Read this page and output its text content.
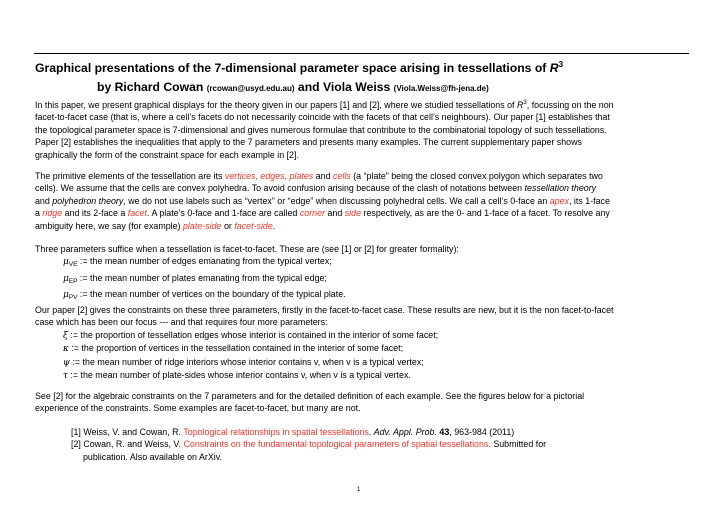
Graphical presentations of the 7-dimensional parameter space arising in tessellations of $R^3$
by Richard Cowan (rcowan@usyd.edu.au) and Viola Weiss (Viola.Weiss@fh-jena.de)
In this paper, we present graphical displays for the theory given in our papers [1] and [2], where we studied tessellations of $R^3$, focussing on the non
facet-to-facet case (that is, where a cell’s facets do not necessarily coincide with the facets of that cell’s neighbours). Our paper [1] establishes that
the topological parameter space is 7-dimensional and gives numerous formulae that contribute to the combinatorial topology of such tessellations.
Paper [2] establishes the inequalities that apply to the 7 parameters and presents many examples. The current supplementary paper shows
graphically the form of the constraint space for each example in [2].
The primitive elements of the tessellation are its vertices, edges, plates and cells (a “plate” being the closed convex polygon which separates two
cells). We assume that the cells are convex polyhedra. To avoid confusion arising because of the clash of notations between tessellation theory
and polyhedron theory, we do not use labels such as “vertex” or “edge” when discussing polyhedral cells. We call a cell’s 0-face an apex, its 1-face
a ridge and its 2-face a facet. A plate’s 0-face and 1-face are called corner and side respectively, as are the 0- and 1-face of a facet. To resolve any
ambiguity here, we say (for example) plate-side or facet-side.
Three parameters suffice when a tessellation is facet-to-facet. These are (see [1] or [2] for greater formality):
$\mu_{VE}$ := the mean number of edges emanating from the typical vertex;
$\mu_{EP}$ := the mean number of plates emanating from the typical edge;
$\mu_{PV}$ := the mean number of vertices on the boundary of the typical plate.
Our paper [2] gives the constraints on these three parameters, firstly in the facet-to-facet case. These results are new, but it is the non facet-to-facet
case which has been our focus --- and that requires four more parameters:
ξ := the proportion of tessellation edges whose interior is contained in the interior of some facet;
κ := the proportion of vertices in the tessellation contained in the interior of some facet;
ψ := the mean number of ridge interiors whose interior contains v, when v is a typical vertex;
τ := the mean number of plate-sides whose interior contains v, when v is a typical vertex.
See [2] for the algebraic constraints on the 7 parameters and for the detailed definition of each example. See the figures below for a pictorial
experience of the constraints. Some examples are facet-to-facet, but many are not.
[1] Weiss, V. and Cowan, R. Topological relationships in spatial tessellations. Adv. Appl. Prob. 43, 963-984 (2011)
[2] Cowan, R. and Weiss, V. Constraints on the fundamental topological parameters of spatial tessellations. Submitted for
publication. Also available on ArXiv.
1
